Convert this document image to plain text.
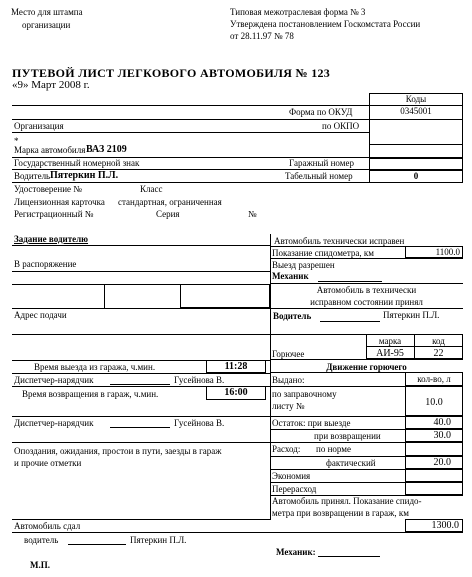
Место для штампа
организации
Типовая межотраслевая форма № 3
Утверждена постановлением Госкомстата России
от 28.11.97 № 78
ПУТЕВОЙ ЛИСТ ЛЕГКОВОГО АВТОМОБИЛЯ № 123
«9» Март 2008 г.
Коды
0345001
Форма по ОКУД
Организация	по ОКПО
*
Марка автомобиля ВАЗ 2109
Государственный номерной знак	Гаражный номер
Водитель Пятеркин П.Л.	Табельный номер	0
Удостоверение №	Класс
Лицензионная карточка стандартная, ограниченная
Регистрационный №	Серия	№
Задание водителю
В распоряжение
Адрес подачи
Автомобиль технически исправен
Показание спидометра, км	1100.0
Выезд разрешен
Механик
Автомобиль в технически
исправном состоянии принял
Водитель	Пятеркин П.Л.
марка	код
Горючее	АИ-95	22
Движение горючего
Выдано:	кол-во, л
по заправочному
листу №	10.0
Остаток: при выезде	40.0
при возвращении	30.0
Расход: по норме
фактический	20.0
Экономия
Перерасход
Автомобиль принял. Показание спидо-
метра при возвращении в гараж, км
1300.0
Время выезда из гаража, ч.мин.	11:28
Диспетчер-нарядчик	Гусейнова В.
Время возвращения в гараж, ч.мин.	16:00
Диспетчер-нарядчик	Гусейнова В.
Опоздания, ожидания, простои в пути, заезды в гараж
и прочие отметки
Автомобиль сдал
водитель	Пятеркин П.Л.
Механик:
М.П.
